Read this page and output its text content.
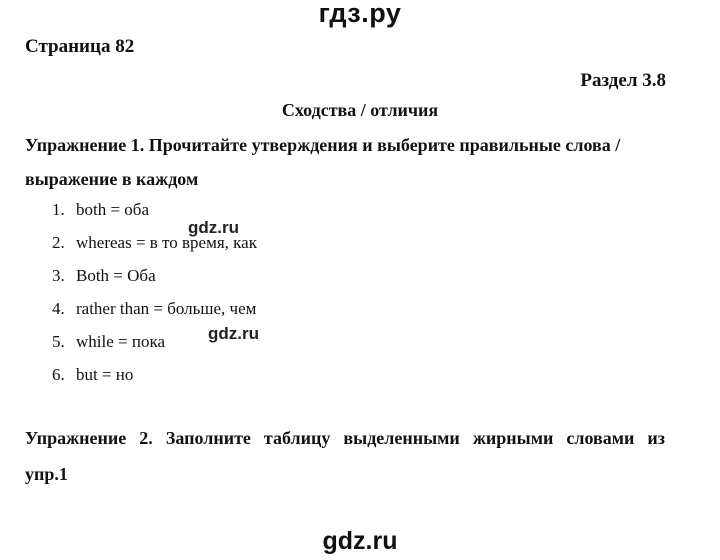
гдз.ру
Страница 82
Раздел 3.8
Сходства / отличия
Упражнение 1. Прочитайте утверждения и выберите правильные слова /
выражение в каждом
1. both = оба
2. whereas = в то время, как
3. Both = Оба
4. rather than = больше, чем
5. while = пока
6. but = но
gdz.ru
gdz.ru
Упражнение 2. Заполните таблицу выделенными жирными словами из
упр.1
gdz.ru
